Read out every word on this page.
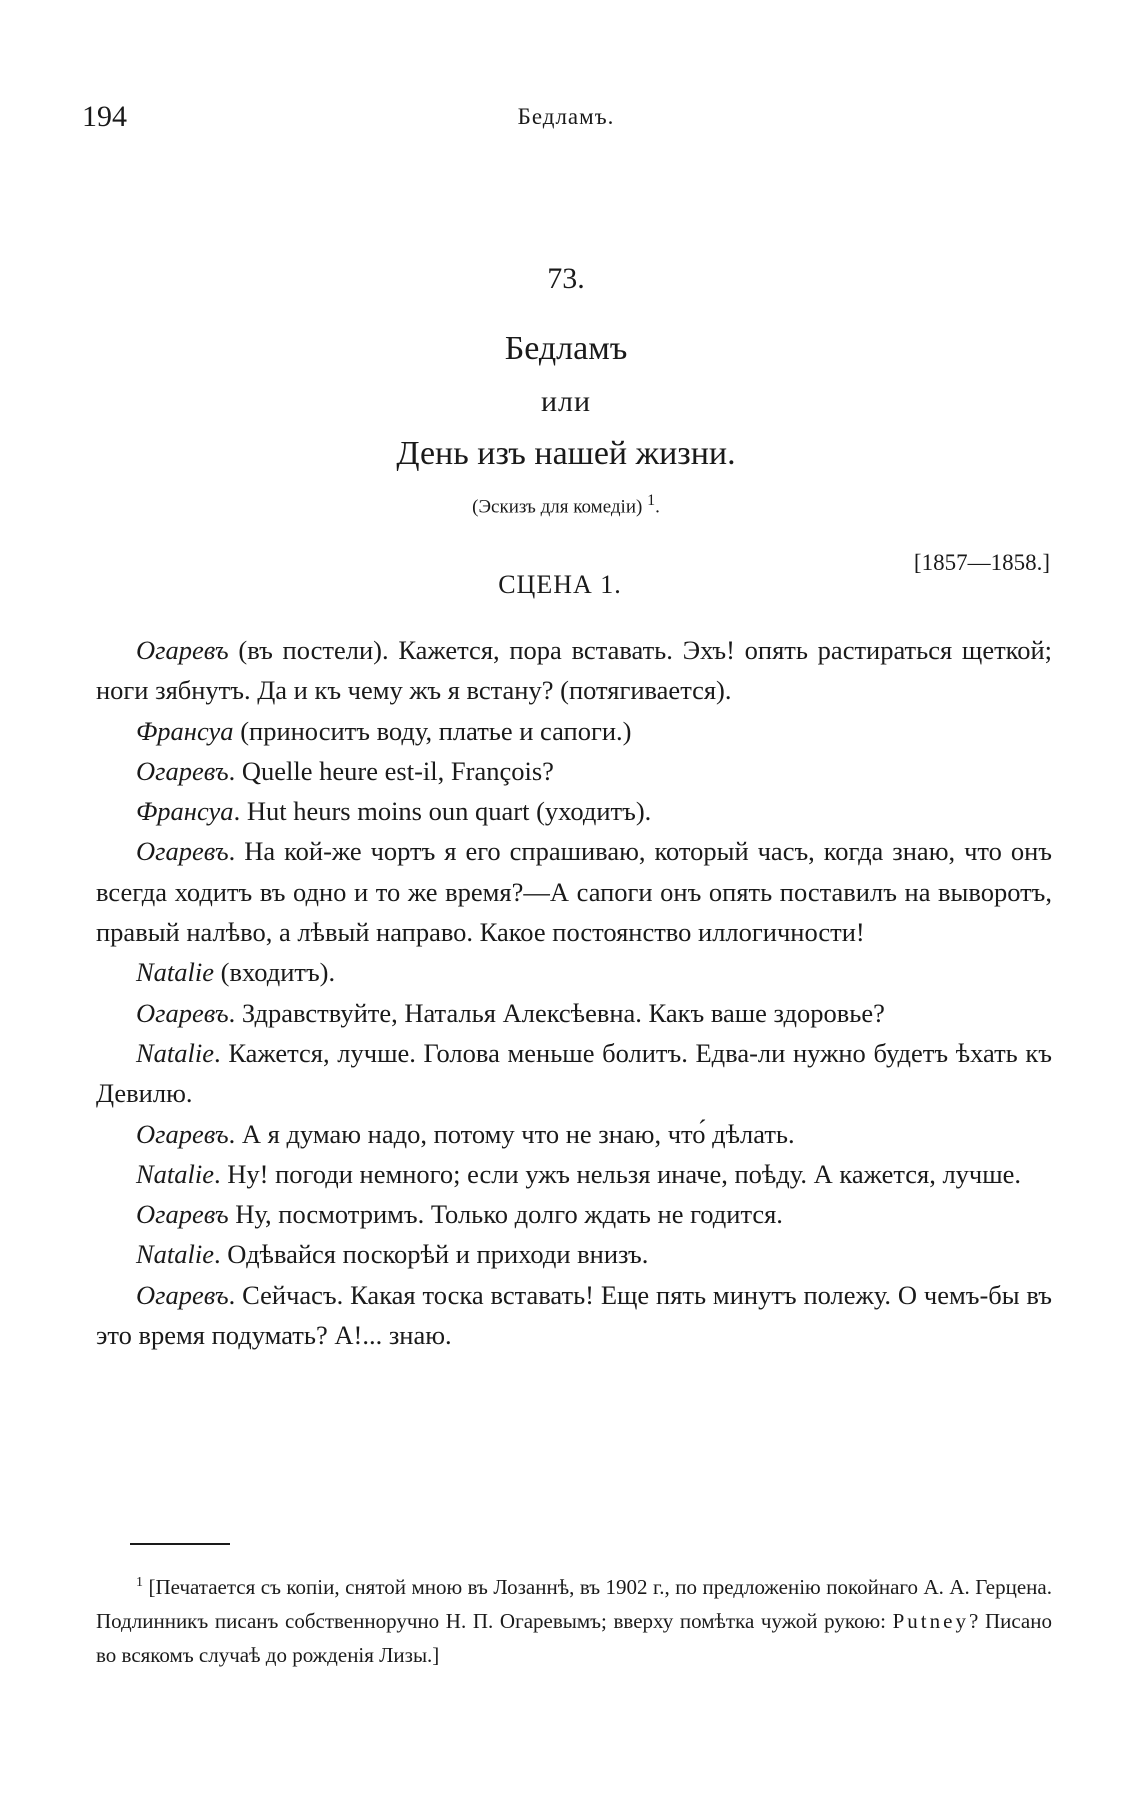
194	Бедламъ.
73.
Бедламъ
или
День изъ нашей жизни.
(Эскизъ для комедіи) $^1$.
СЦЕНА 1.
[1857—1858.]

Огаревъ (въ постели). Кажется, пора вставать. Эхъ! опять растираться щеткой; ноги зябнутъ. Да и къ чему жъ я встану? (потягивается).

Франсуа (приноситъ воду, платье и сапоги.)

Огаревъ. Quelle heure est-il, François?

Франсуа. Hut heurs moins oun quart (уходитъ).

Огаревъ. На кой-же чортъ я его спрашиваю, который часъ, когда знаю, что онъ всегда ходитъ въ одно и то же время?—А сапоги онъ опять поставилъ на выворотъ, правый налѣво, а лѣвый направо. Какое постоянство иллогичности!

Natalie (входитъ).

Огаревъ. Здравствуйте, Наталья Алексѣевна. Какъ ваше здоровье?

Natalie. Кажется, лучше. Голова меньше болитъ. Едва-ли нужно будетъ ѣхать къ Девилю.

Огаревъ. А я думаю надо, потому что не знаю, что́ дѣлать.

Natalie. Ну! погоди немного; если ужъ нельзя иначе, поѣду. А кажется, лучше.

Огаревъ Ну, посмотримъ. Только долго ждать не годится.

Natalie. Одѣвайся поскорѣй и приходи внизъ.

Огаревъ. Сейчасъ. Какая тоска вставать! Еще пять минутъ полежу. О чемъ-бы въ это время подумать? А!... знаю.

$^1$ [Печатается съ копіи, снятой мною въ Лозаннѣ, въ 1902 г., по предложенію покойнаго А. А. Герцена. Подлинникъ писанъ собственноручно Н. П. Огаревымъ; вверху помѣтка чужой рукою: Putney? Писано во всякомъ случаѣ до рожденія Лизы.]
